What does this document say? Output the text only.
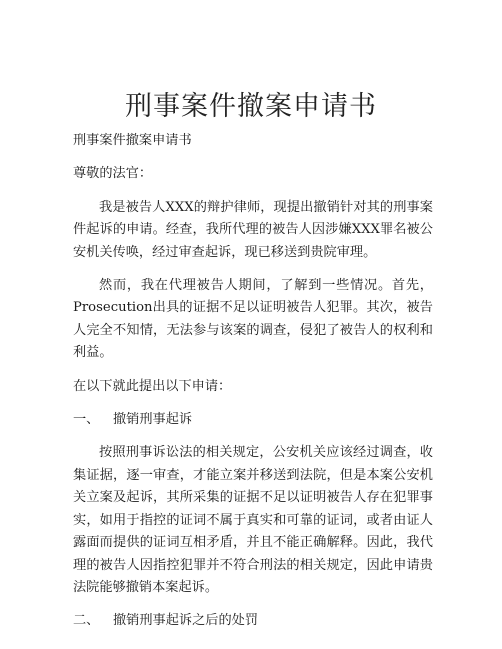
刑事案件撤案申请书

刑事案件撤案申请书

尊敬的法官：

我是被告人XXX的辩护律师，现提出撤销针对其的刑事案件起诉的申请。经查，我所代理的被告人因涉嫌XXX罪名被公安机关传唤，经过审查起诉，现已移送到贵院审理。

然而，我在代理被告人期间，了解到一些情况。首先，Prosecution出具的证据不足以证明被告人犯罪。其次，被告人完全不知情，无法参与该案的调查，侵犯了被告人的权利和利益。

在以下就此提出以下申请：

一、 撤销刑事起诉

按照刑事诉讼法的相关规定，公安机关应该经过调查，收集证据，逐一审查，才能立案并移送到法院，但是本案公安机关立案及起诉，其所采集的证据不足以证明被告人存在犯罪事实，如用于指控的证词不属于真实和可靠的证词，或者由证人露面而提供的证词互相矛盾，并且不能正确解释。因此，我代理的被告人因指控犯罪并不符合刑法的相关规定，因此申请贵法院能够撤销本案起诉。

二、 撤销刑事起诉之后的处罚
